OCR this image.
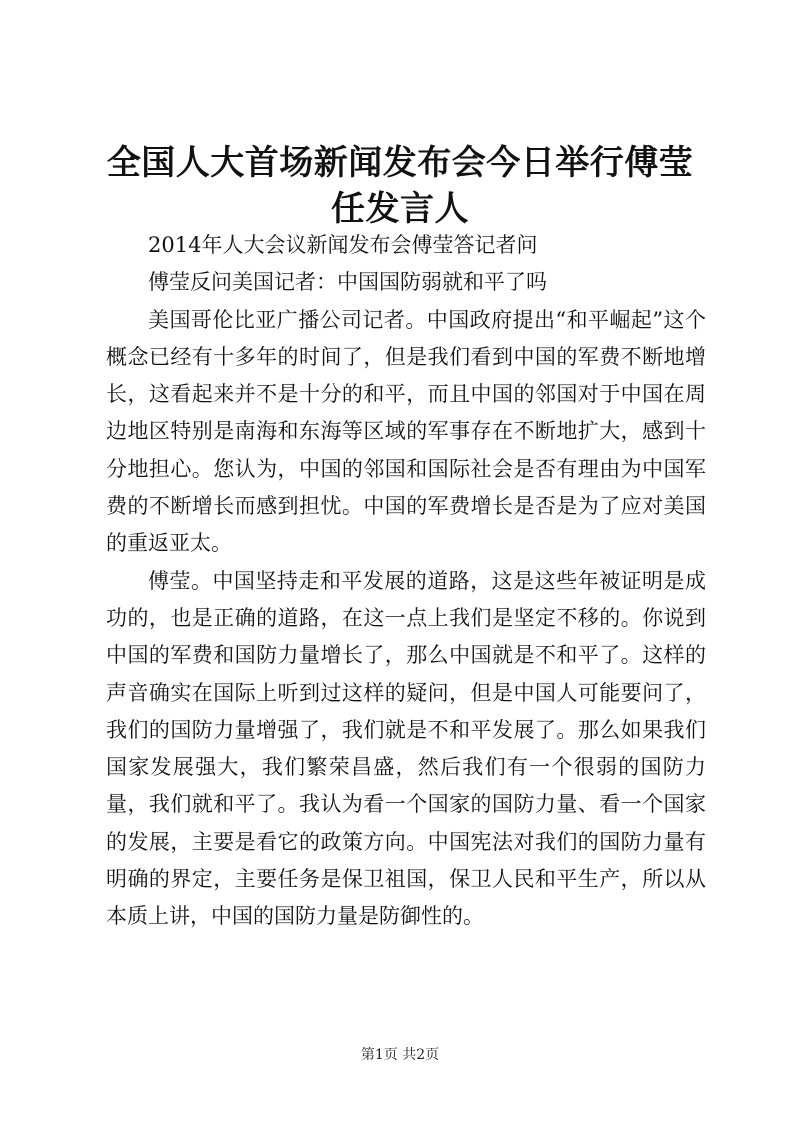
全国人大首场新闻发布会今日举行傅莹任发言人

2014年人大会议新闻发布会傅莹答记者问

傅莹反问美国记者：中国国防弱就和平了吗

美国哥伦比亚广播公司记者。中国政府提出“和平崛起”这个概念已经有十多年的时间了，但是我们看到中国的军费不断地增长，这看起来并不是十分的和平，而且中国的邻国对于中国在周边地区特别是南海和东海等区域的军事存在不断地扩大，感到十分地担心。您认为，中国的邻国和国际社会是否有理由为中国军费的不断增长而感到担忧。中国的军费增长是否是为了应对美国的重返亚太。

傅莹。中国坚持走和平发展的道路，这是这些年被证明是成功的，也是正确的道路，在这一点上我们是坚定不移的。你说到中国的军费和国防力量增长了，那么中国就是不和平了。这样的声音确实在国际上听到过这样的疑问，但是中国人可能要问了，我们的国防力量增强了，我们就是不和平发展了。那么如果我们国家发展强大，我们繁荣昌盛，然后我们有一个很弱的国防力量，我们就和平了。我认为看一个国家的国防力量、看一个国家的发展，主要是看它的政策方向。中国宪法对我们的国防力量有明确的界定，主要任务是保卫祖国，保卫人民和平生产，所以从本质上讲，中国的国防力量是防御性的。

第1页 共2页
